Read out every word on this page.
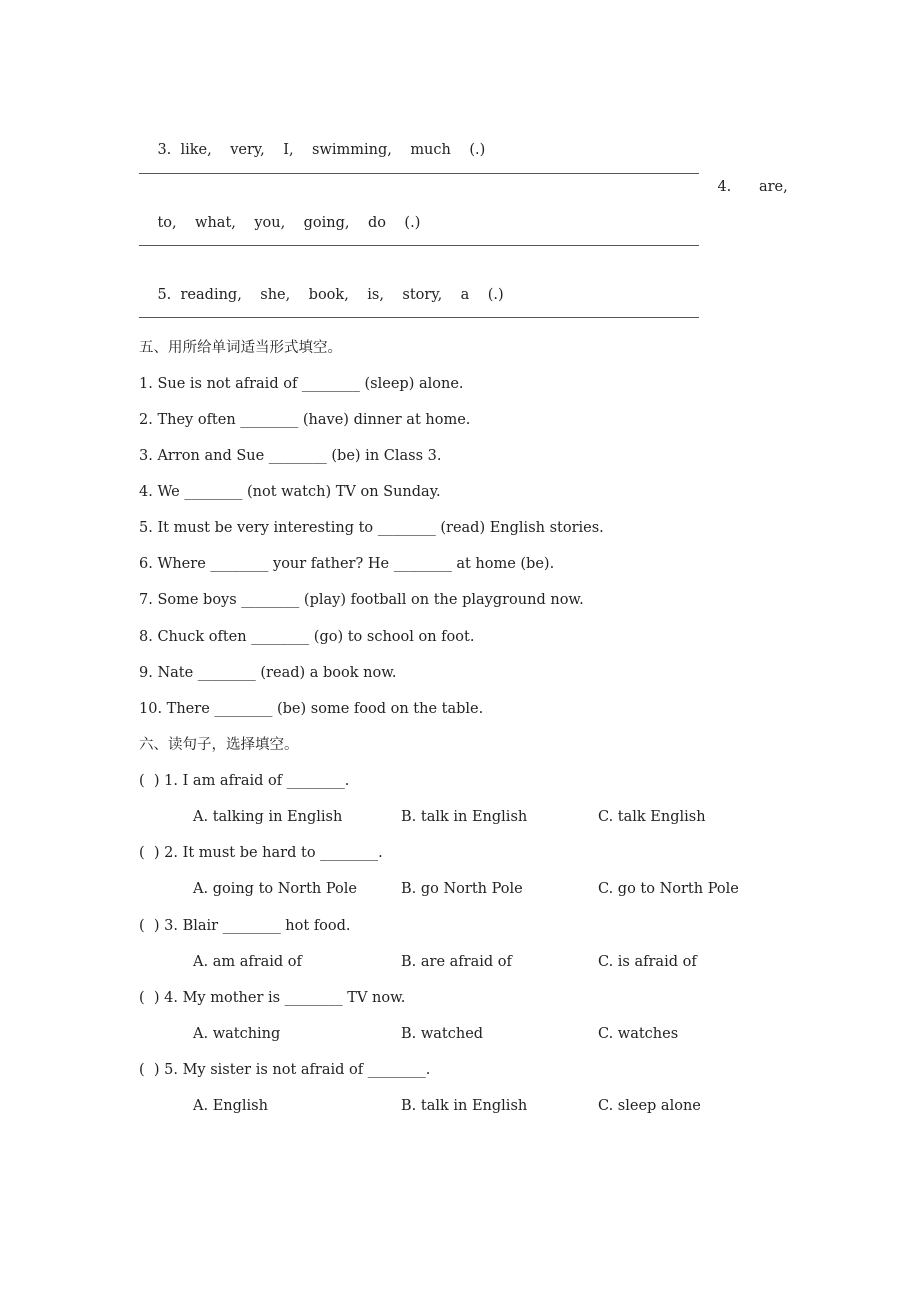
3. like, very, I, swimming, much (.)

4. are,

to, what, you, going, do (.)

5. reading, she, book, is, story, a (.)

五、用所给单词适当形式填空。
1. Sue is not afraid of ________ (sleep) alone.
2. They often ________ (have) dinner at home.
3. Arron and Sue ________ (be) in Class 3.
4. We ________ (not watch) TV on Sunday.
5. It must be very interesting to ________ (read) English stories.
6. Where ________ your father? He ________ at home (be).
7. Some boys ________ (play) football on the playground now.
8. Chuck often ________ (go) to school on foot.
9. Nate ________ (read) a book now.
10. There ________ (be) some food on the table.
六、读句子，选择填空。
(  ) 1. I am afraid of ________.
A. talking in English	B. talk in English	C. talk English
(  ) 2. It must be hard to ________.
A. going to North Pole	B. go North Pole	C. go to North Pole
(  ) 3. Blair ________ hot food.
A. am afraid of	B. are afraid of	C. is afraid of
(  ) 4. My mother is ________ TV now.
A. watching	B. watched	C. watches
(  ) 5. My sister is not afraid of ________.
A. English	B. talk in English	C. sleep alone
